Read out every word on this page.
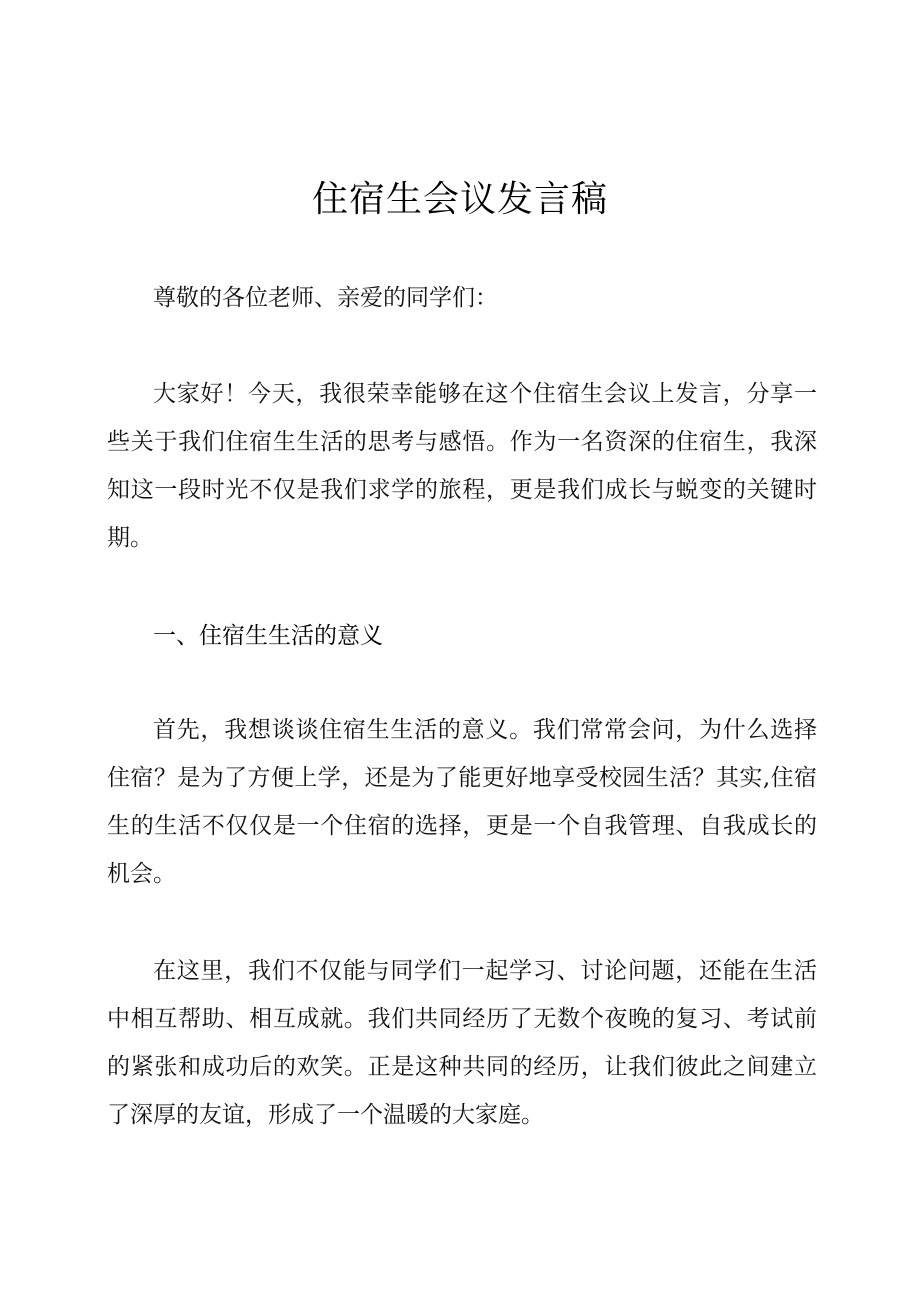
住宿生会议发言稿

尊敬的各位老师、亲爱的同学们：

大家好！今天，我很荣幸能够在这个住宿生会议上发言，分享一些关于我们住宿生生活的思考与感悟。作为一名资深的住宿生，我深知这一段时光不仅是我们求学的旅程，更是我们成长与蜕变的关键时期。

一、住宿生生活的意义

首先，我想谈谈住宿生生活的意义。我们常常会问，为什么选择住宿？是为了方便上学，还是为了能更好地享受校园生活？其实,住宿生的生活不仅仅是一个住宿的选择，更是一个自我管理、自我成长的机会。

在这里，我们不仅能与同学们一起学习、讨论问题，还能在生活中相互帮助、相互成就。我们共同经历了无数个夜晚的复习、考试前的紧张和成功后的欢笑。正是这种共同的经历，让我们彼此之间建立了深厚的友谊，形成了一个温暖的大家庭。
